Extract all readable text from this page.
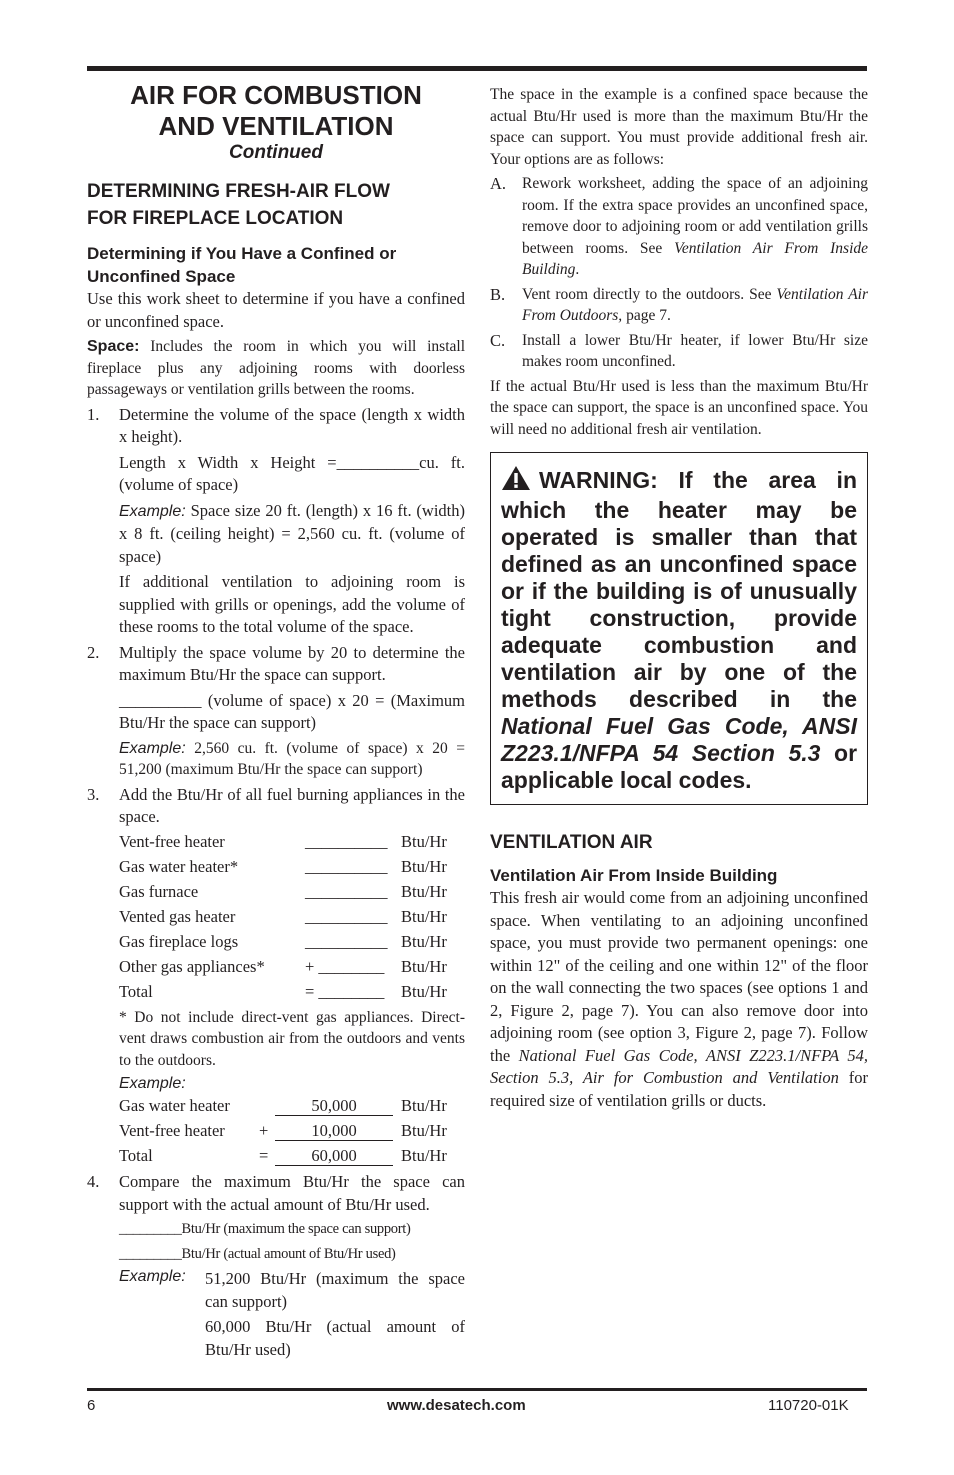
AIR FOR COMBUSTION
AND VENTILATION
Continued
DETERMINING FRESH-AIR FLOW
FOR FIREPLACE LOCATION
Determining if You Have a Confined or
Unconfined Space

Use this work sheet to determine if you have a confined or unconfined space.

Space: Includes the room in which you will install fireplace plus any adjoining rooms with doorless passageways or ventilation grills between the rooms.

1.	Determine the volume of the space (length x width x height).

Length x Width x Height =__________cu. ft. (volume of space)

Example: Space size 20 ft. (length) x 16 ft. (width) x 8 ft. (ceiling height) = 2,560 cu. ft. (volume of space)

If additional ventilation to adjoining room is supplied with grills or openings, add the volume of these rooms to the total volume of the space.

2.	Multiply the space volume by 20 to determine the maximum Btu/Hr the space can support.

__________ (volume of space) x 20 = (Maximum Btu/Hr the space can support)

Example: 2,560 cu. ft. (volume of space) x 20 = 51,200 (maximum Btu/Hr the space can support)

3.	Add the Btu/Hr of all fuel burning appliances in the space.

Vent-free heater	__________ Btu/Hr
Gas water heater*	__________ Btu/Hr
Gas furnace	__________ Btu/Hr
Vented gas heater	__________ Btu/Hr
Gas fireplace logs	__________ Btu/Hr
Other gas appliances*	+ ________	Btu/Hr
Total	= ________	Btu/Hr

* Do not include direct-vent gas appliances. Direct-vent draws combustion air from the outdoors and vents to the outdoors.

Example:
Gas water heater	50,000	Btu/Hr
Vent-free heater	+	10,000	Btu/Hr
Total	=	60,000	Btu/Hr
4.	Compare the maximum Btu/Hr the space can support with the actual amount of Btu/Hr used.

_________Btu/Hr (maximum the space can support)

_________Btu/Hr (actual amount of Btu/Hr used)

Example:	51,200 Btu/Hr (maximum the space can support)

60,000 Btu/Hr (actual amount of Btu/Hr used)

The space in the example is a confined space because the actual Btu/Hr used is more than the maximum Btu/Hr the space can support. You must provide additional fresh air. Your options are as follows:

A.	Rework worksheet, adding the space of an adjoining room. If the extra space provides an unconfined space, remove door to adjoining room or add ventilation grills between rooms. See Ventilation Air From Inside Building.

B.	Vent room directly to the outdoors. See Ventilation Air From Outdoors, page 7.

C.	Install a lower Btu/Hr heater, if lower Btu/Hr size makes room unconfined.

If the actual Btu/Hr used is less than the maximum Btu/Hr the space can support, the space is an unconfined space. You will need no additional fresh air ventilation.

WARNING: If the area in which the heater may be operated is smaller than that defined as an unconfined space or if the building is of unusually tight construction, provide adequate combustion and ventilation air by one of the methods described in the National Fuel Gas Code, ANSI Z223.1/NFPA 54 Section 5.3 or applicable local codes.

VENTILATION AIR
Ventilation Air From Inside Building

This fresh air would come from an adjoining unconfined space. When ventilating to an adjoining unconfined space, you must provide two permanent openings: one within 12" of the ceiling and one within 12" of the floor on the wall connecting the two spaces (see options 1 and 2, Figure 2, page 7). You can also remove door into adjoining room (see option 3, Figure 2, page 7). Follow the National Fuel Gas Code, ANSI Z223.1/NFPA 54, Section 5.3, Air for Combustion and Ventilation for required size of ventilation grills or ducts.

6	www.desatech.com	110720-01K
